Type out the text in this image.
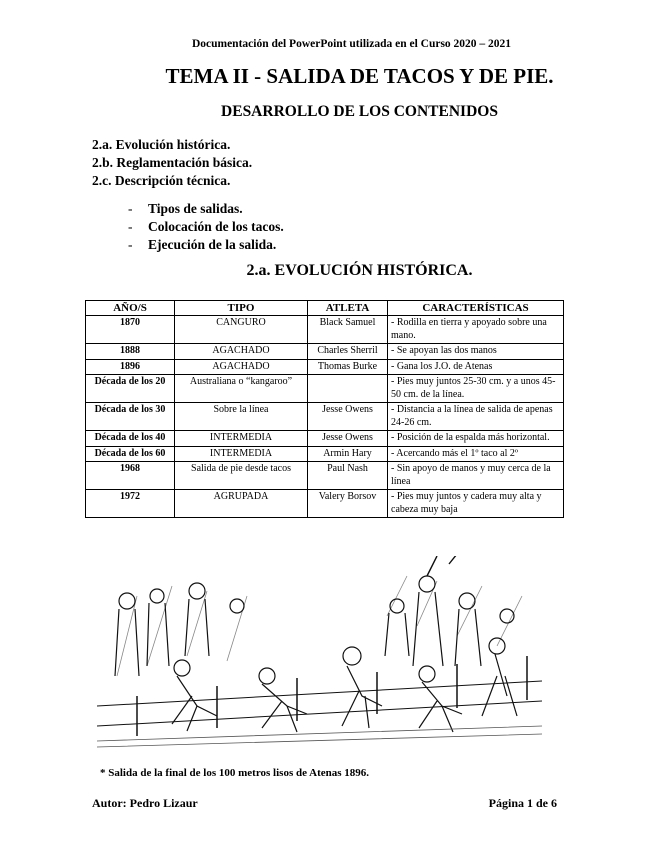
Documentación del PowerPoint utilizada en el Curso 2020 – 2021
TEMA II - SALIDA DE TACOS Y DE PIE.
DESARROLLO DE LOS CONTENIDOS
2.a. Evolución histórica.
2.b. Reglamentación básica.
2.c. Descripción técnica.
- Tipos de salidas.
- Colocación de los tacos.
- Ejecución de la salida.
2.a. EVOLUCIÓN HISTÓRICA.
AÑO/S	TIPO	ATLETA	CARACTERÍSTICAS
1870	CANGURO	Black Samuel	- Rodilla en tierra y apoyado sobre una mano.
1888	AGACHADO	Charles Sherril	- Se apoyan las dos manos
1896	AGACHADO	Thomas Burke	- Gana los J.O. de Atenas
Década de los 20	Australiana o “kangaroo”		- Pies muy juntos 25-30 cm. y a unos 45-50 cm. de la línea.
Década de los 30	Sobre la línea	Jesse Owens	- Distancia a la línea de salida de apenas 24-26 cm.
Década de los 40	INTERMEDIA	Jesse Owens	- Posición de la espalda más horizontal.
Década de los 60	INTERMEDIA	Armin Hary	- Acercando más el 1º taco al 2º
1968	Salida de pie desde tacos	Paul Nash	- Sin apoyo de manos y muy cerca de la línea
1972	AGRUPADA	Valery Borsov	- Pies muy juntos y cadera muy alta y cabeza muy baja
* Salida de la final de los 100 metros lisos de Atenas 1896.
Autor: Pedro Lizaur	Página 1 de 6
